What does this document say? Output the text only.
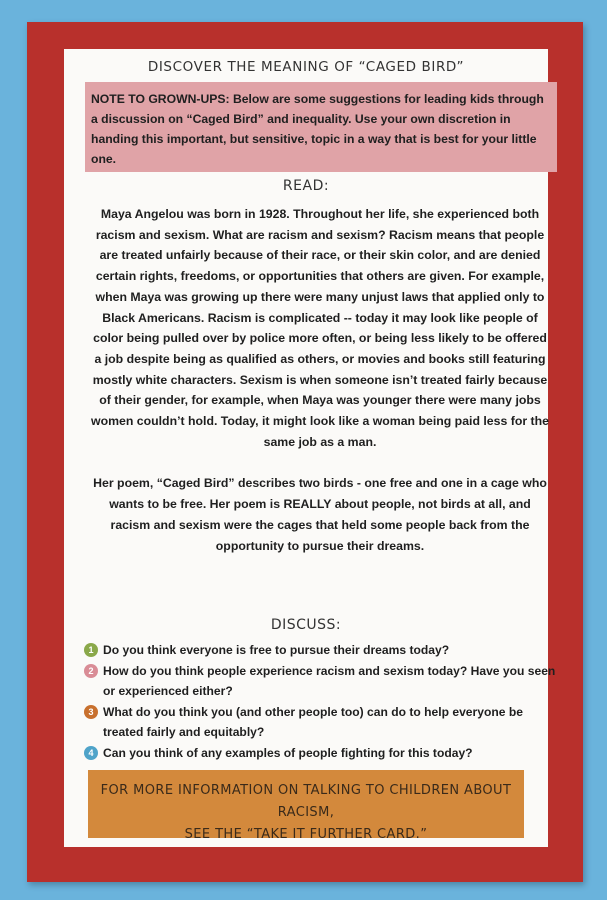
DISCOVER THE MEANING OF “CAGED BIRD”
NOTE TO GROWN-UPS: Below are some suggestions for leading kids through a discussion on “Caged Bird” and inequality. Use your own discretion in handing this important, but sensitive, topic in a way that is best for your little one.
READ:

Maya Angelou was born in 1928. Throughout her life, she experienced both racism and sexism. What are racism and sexism? Racism means that people are treated unfairly because of their race, or their skin color, and are denied certain rights, freedoms, or opportunities that others are given. For example, when Maya was growing up there were many unjust laws that applied only to Black Americans. Racism is complicated -- today it may look like people of color being pulled over by police more often, or being less likely to be offered a job despite being as qualified as others, or movies and books still featuring mostly white characters. Sexism is when someone isn’t treated fairly because of their gender, for example, when Maya was younger there were many jobs women couldn’t hold. Today, it might look like a woman being paid less for the same job as a man.

Her poem, “Caged Bird” describes two birds - one free and one in a cage who wants to be free. Her poem is REALLY about people, not birds at all, and racism and sexism were the cages that held some people back from the opportunity to pursue their dreams.

DISCUSS:
1 Do you think everyone is free to pursue their dreams today?
2 How do you think people experience racism and sexism today? Have you seen or experienced either?
3 What do you think you (and other people too) can do to help everyone be treated fairly and equitably?
4 Can you think of any examples of people fighting for this today?
FOR MORE INFORMATION ON TALKING TO CHILDREN ABOUT RACISM,
SEE THE “TAKE IT FURTHER CARD.”
